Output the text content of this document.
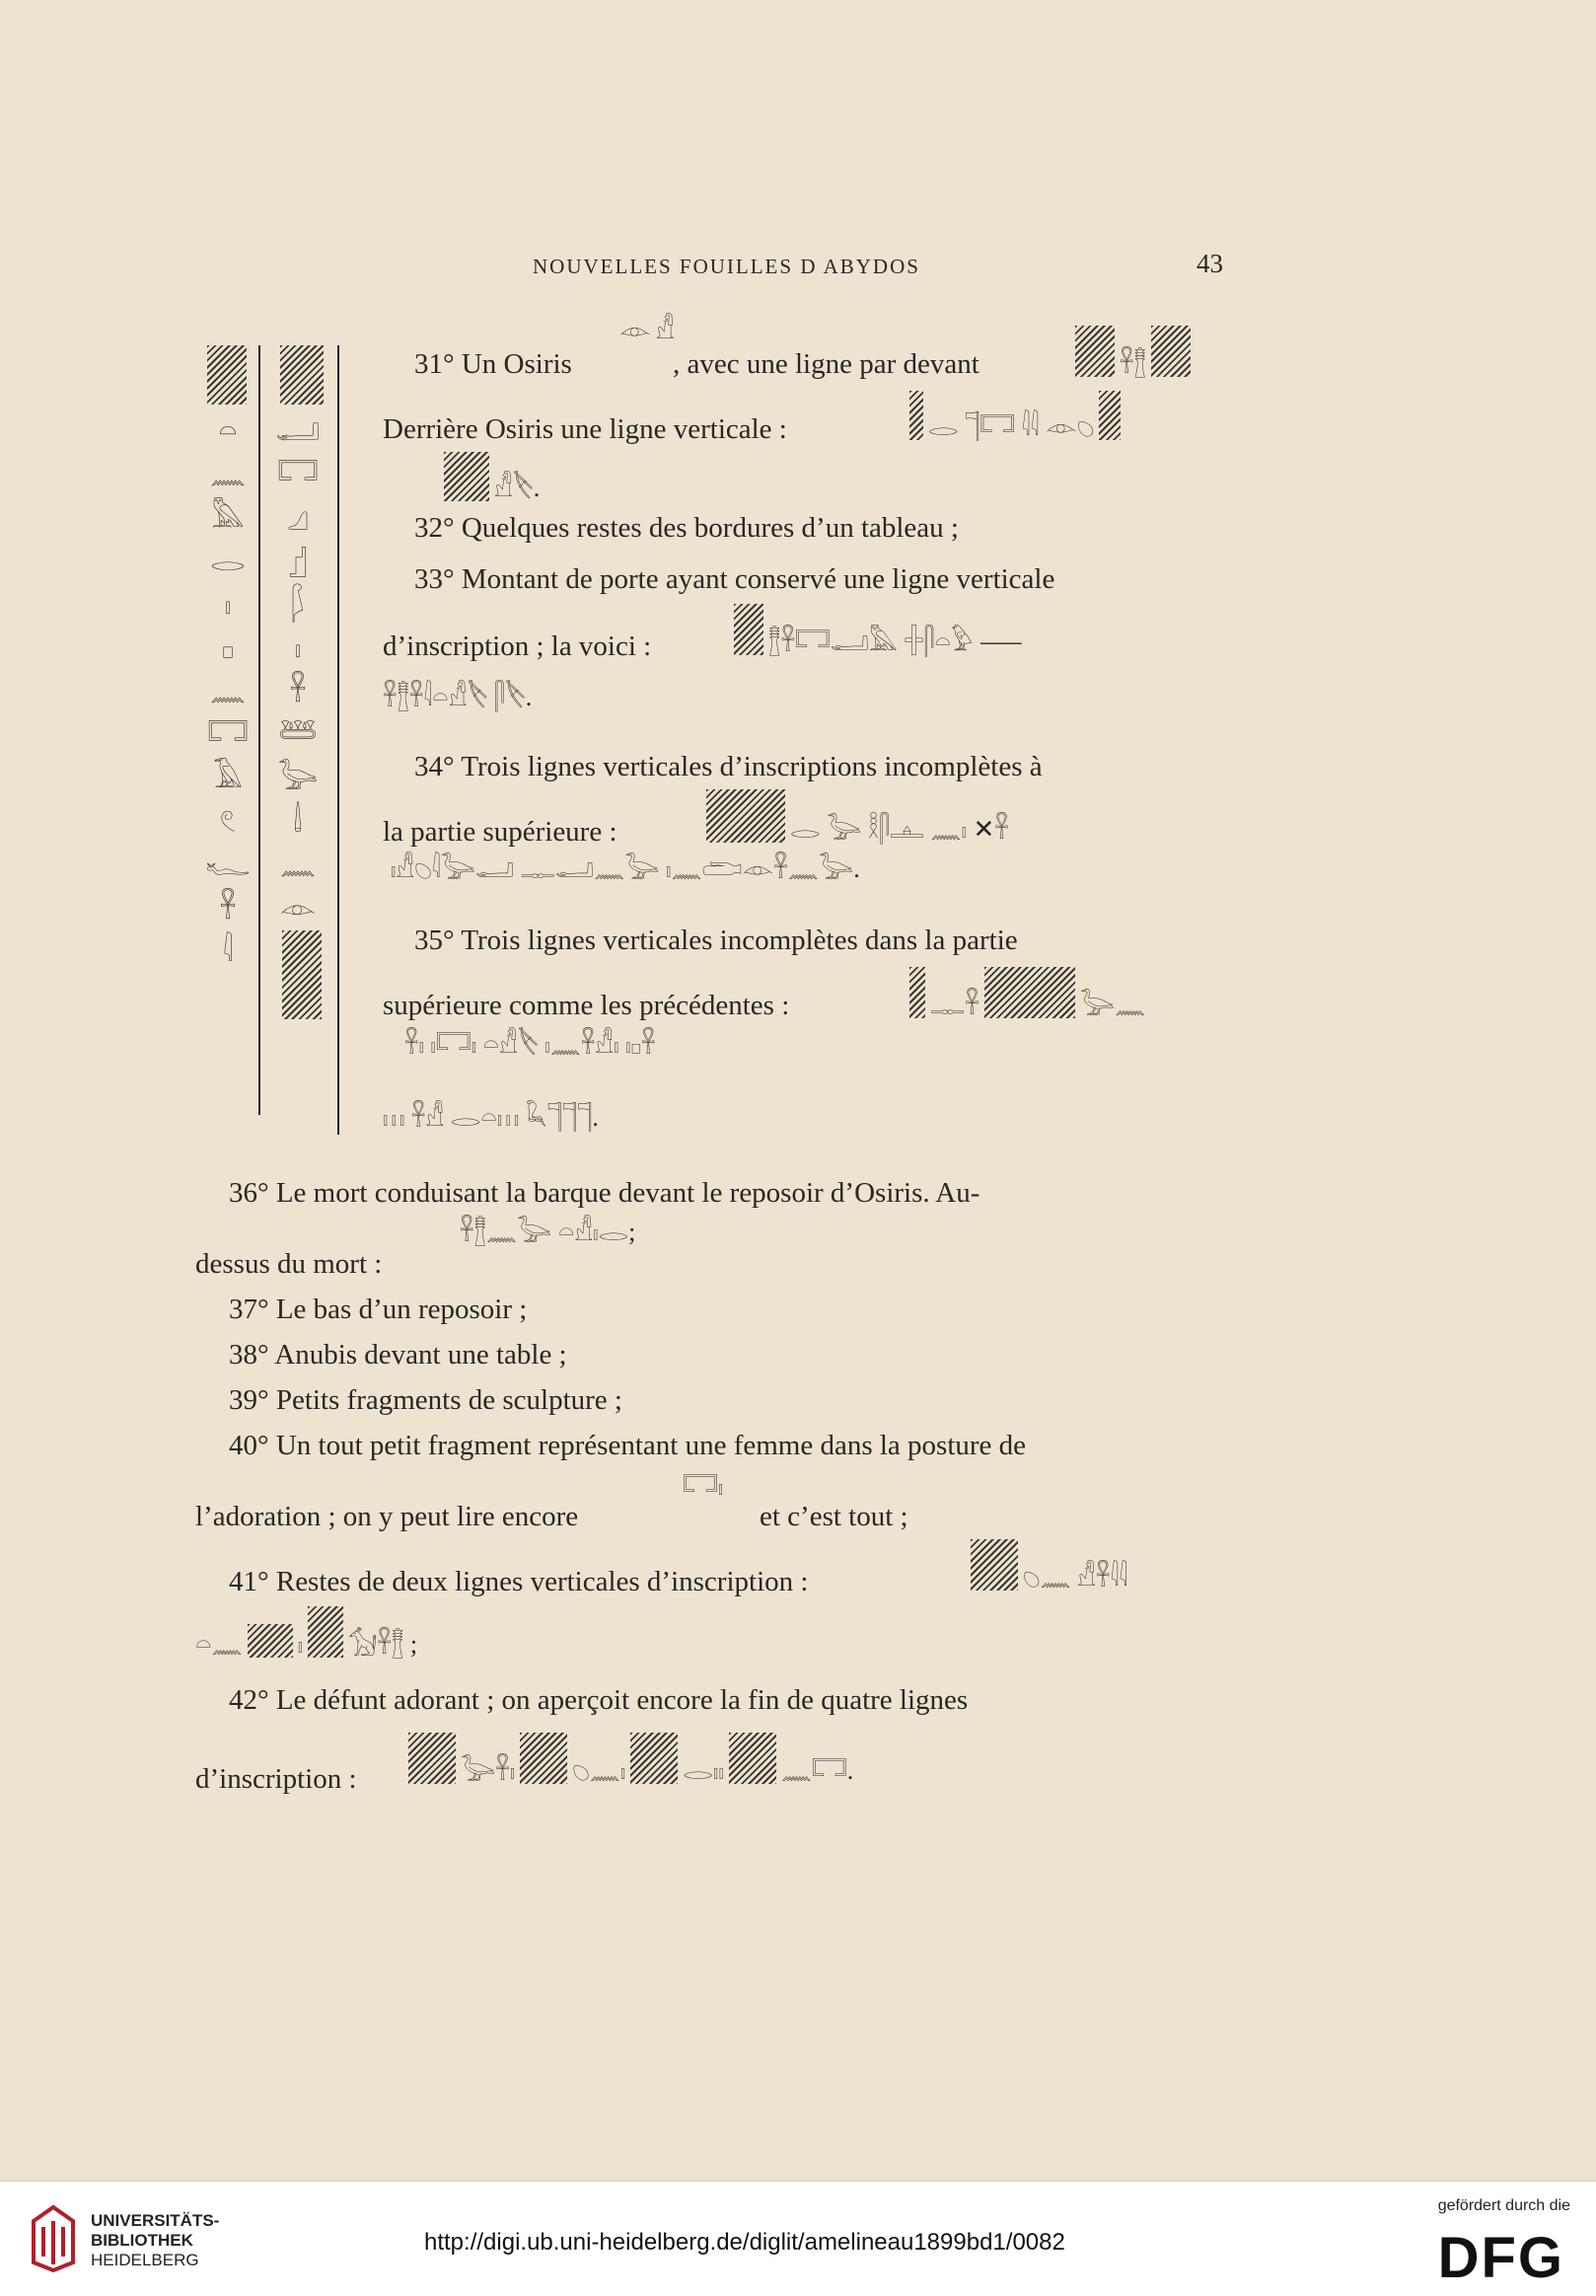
NOUVELLES FOUILLES D ABYDOS	43
𓏏
𓈖
𓅓
𓂋
𓏤
𓊪
𓈖
𓉐
𓄿
𓏲
𓆑
𓋹
𓇋
𓂝
𓉐
𓈎
𓊨
𓆄
𓏤
𓋹
𓆷
𓅬
𓌃
𓈖
𓁹
31° Un Osiris
𓁹 𓀭
, avec une ligne par devant	𓋹𓊽
Derrière Osiris une ligne verticale :	𓂋 𓊹𓉐 𓇋𓇋 𓁹𓆇
𓀭𓌸.
32° Quelques restes des bordures d’un tableau ;
33° Montant de porte ayant conservé une ligne verticale
d’inscription ; la voici :	𓊽𓋹𓉐𓂝𓅓 𓏶𓋴𓏏𓅱 ⸺
𓋹𓊽𓋹𓇋𓏏𓀭𓌸 𓋴𓌸.
34° Trois lignes verticales d’inscriptions incomplètes à
la partie supérieure :	𓂋 𓅬 𓎛𓋴𓊵 𓈖𓏤 ✕𓋹
𓏤𓀭𓆇𓇋𓅬𓂝 𓊃𓂝𓈖𓅬 𓏤𓈖𓂧𓁹𓋹𓈖𓅬.
35° Trois lignes verticales incomplètes dans la partie
supérieure comme les précédentes :	𓊃𓋹	𓅬𓈖
𓋹𓏤 𓏤𓉐𓏤 𓏏𓀭𓌸 𓏤𓈖𓋹𓀭𓏤 𓏤𓊪𓋹
𓏥 𓋹𓀭 𓂋𓏏𓏥 𓆗𓊹𓊹𓊹.
36° Le mort conduisant la barque devant le reposoir d’Osiris. Au-
dessus du mort :
𓋹𓊽𓈖𓅬 𓏏𓀭𓏤𓂋;
37° Le bas d’un reposoir ;
38° Anubis devant une table ;
39° Petits fragments de sculpture ;
40° Un tout petit fragment représentant une femme dans la posture de
l’adoration ; on y peut lire encore
𓉐𓏤
et c’est tout ;
41° Restes de deux lignes verticales d’inscription :	𓆇𓈖 𓀭𓋹𓇋𓇋
𓏏𓈖 𓏤 𓃩𓋹𓊽 ;
42° Le défunt adorant ; on aperçoit encore la fin de quatre lignes
d’inscription :	𓅬𓋹𓏤 𓆇𓈖𓏤 𓂋𓏤𓏤 𓈖𓉐.
UNIVERSITÄTS-
BIBLIOTHEK
HEIDELBERG
http://digi.ub.uni-heidelberg.de/diglit/amelineau1899bd1/0082
gefördert durch die
DFG
